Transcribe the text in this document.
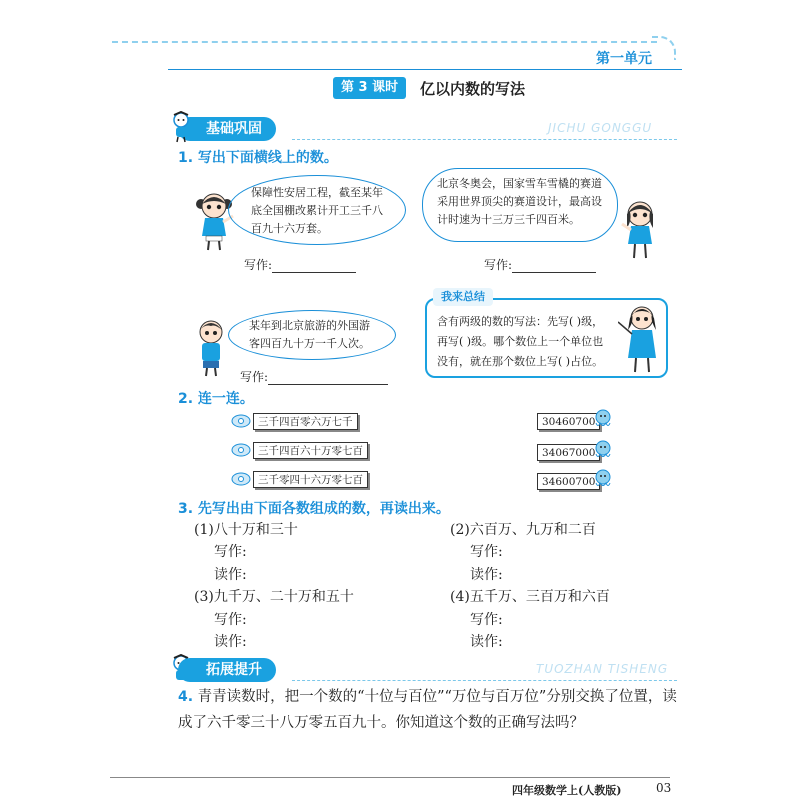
第一单元
第 3 课时	亿以内数的写法
基础巩固	JICHU GONGGU
1. 写出下面横线上的数。
保障性安居工程，截至某年底全国棚改累计开工三千八百九十六万套。
写作:
北京冬奥会，国家雪车雪橇的赛道采用世界顶尖的赛道设计，最高设计时速为十三万三千四百米。
写作:
某年到北京旅游的外国游客四百九十万一千人次。
写作:
含有两级的数的写法：先写( )级，再写( )级。哪个数位上一个单位也没有，就在那个数位上写( )占位。
我来总结
2. 连一连。
三千四百零六万七千
三千四百六十万零七百
三千零四十六万零七百
30460700
34067000
34600700
3. 先写出由下面各数组成的数，再读出来。
(1)八十万和三十
写作:
读作:
(2)六百万、九万和二百
写作:
读作:
(3)九千万、二十万和五十
写作:
读作:
(4)五千万、三百万和六百
写作:
读作:
拓展提升	TUOZHAN TISHENG
4. 青青读数时，把一个数的“十位与百位”“万位与百万位”分别交换了位置，读成了六千零三十八万零五百九十。你知道这个数的正确写法吗？
四年级数学上(人教版)	03
